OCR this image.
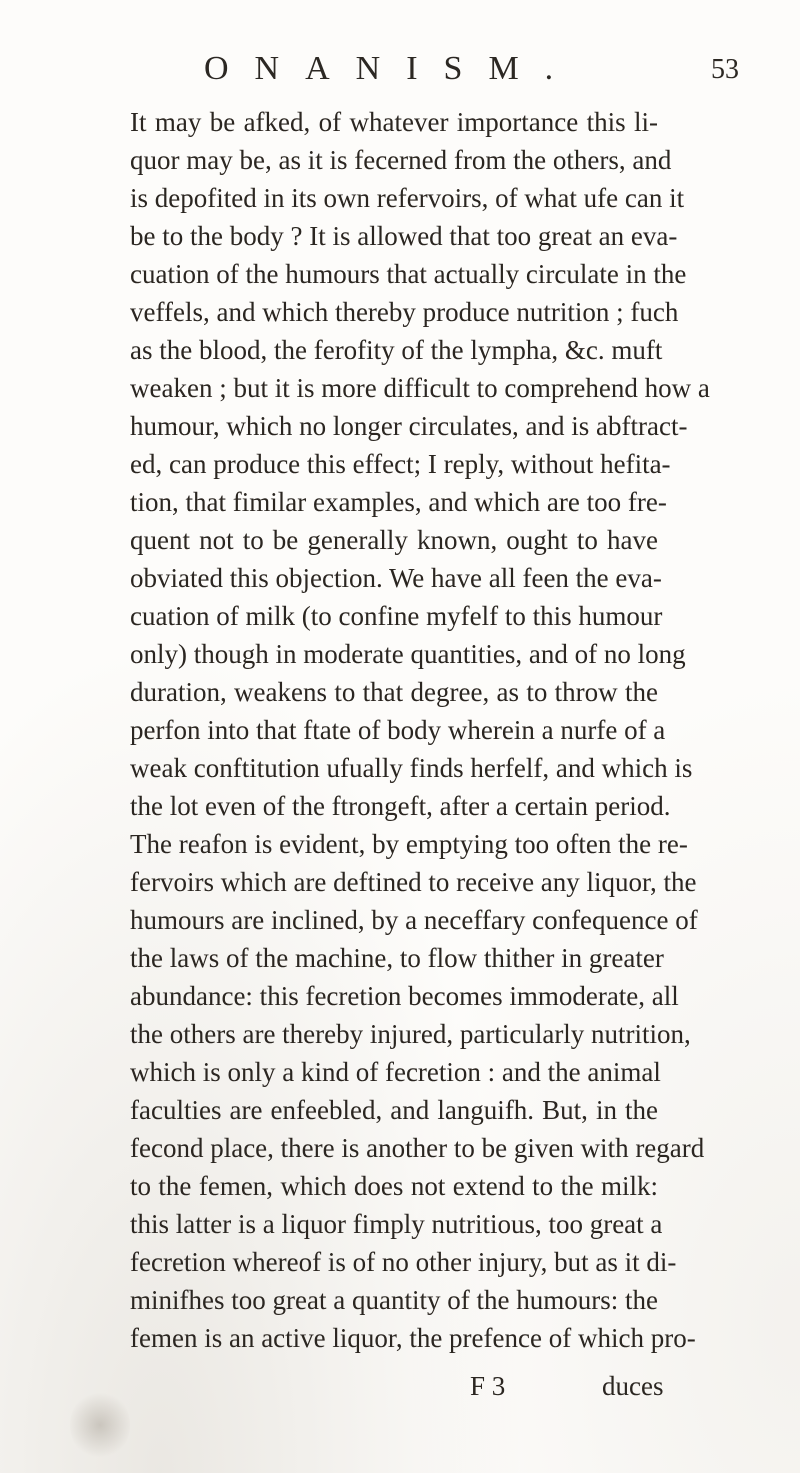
ONANISM.	53
It may be afked, of whatever importance this li-
quor may be, as it is fecerned from the others, and
is depofited in its own refervoirs, of what ufe can it
be to the body ? It is allowed that too great an eva-
cuation of the humours that actually circulate in the
veffels, and which thereby produce nutrition ; fuch
as the blood, the ferofity of the lympha, &c. muft
weaken ; but it is more difficult to comprehend how a
humour, which no longer circulates, and is abftract-
ed, can produce this effect; I reply, without hefita-
tion, that fimilar examples, and which are too fre-
quent not to be generally known, ought to have
obviated this objection. We have all feen the eva-
cuation of milk (to confine myfelf to this humour
only) though in moderate quantities, and of no long
duration, weakens to that degree, as to throw the
perfon into that ftate of body wherein a nurfe of a
weak conftitution ufually finds herfelf, and which is
the lot even of the ftrongeft, after a certain period.
The reafon is evident, by emptying too often the re-
fervoirs which are deftined to receive any liquor, the
humours are inclined, by a neceffary confequence of
the laws of the machine, to flow thither in greater
abundance: this fecretion becomes immoderate, all
the others are thereby injured, particularly nutrition,
which is only a kind of fecretion : and the animal
faculties are enfeebled, and languifh. But, in the
fecond place, there is another to be given with regard
to the femen, which does not extend to the milk:
this latter is a liquor fimply nutritious, too great a
fecretion whereof is of no other injury, but as it di-
minifhes too great a quantity of the humours: the
femen is an active liquor, the prefence of which pro-
F 3	duces
